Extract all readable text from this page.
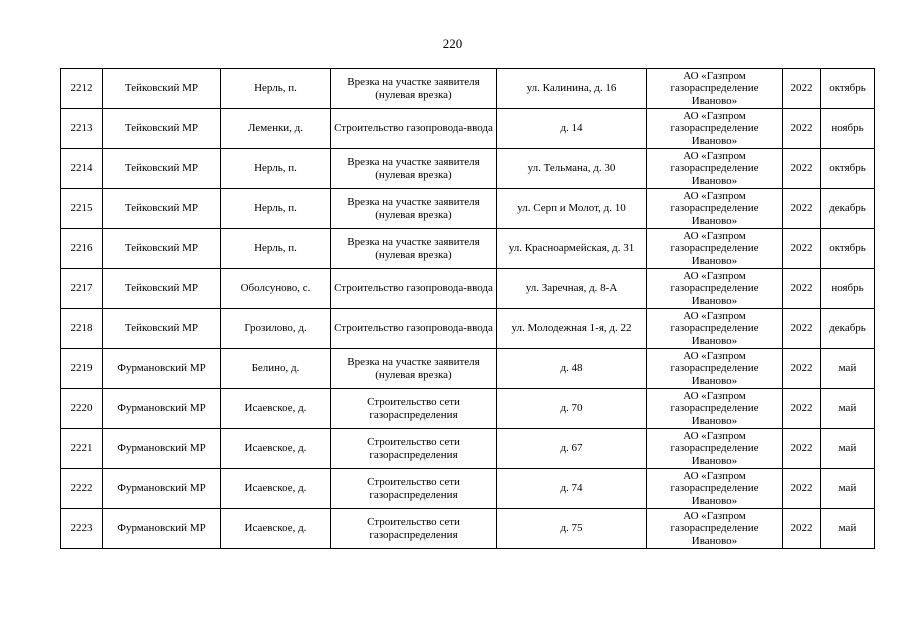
220
2212	Тейковский МР	Нерль, п.	Врезка на участке заявителя (нулевая врезка)	ул. Калинина, д. 16	АО «Газпром газораспределение Иваново»	2022	октябрь
2213	Тейковский МР	Леменки, д.	Строительство газопровода-ввода	д. 14	АО «Газпром газораспределение Иваново»	2022	ноябрь
2214	Тейковский МР	Нерль, п.	Врезка на участке заявителя (нулевая врезка)	ул. Тельмана, д. 30	АО «Газпром газораспределение Иваново»	2022	октябрь
2215	Тейковский МР	Нерль, п.	Врезка на участке заявителя (нулевая врезка)	ул. Серп и Молот, д. 10	АО «Газпром газораспределение Иваново»	2022	декабрь
2216	Тейковский МР	Нерль, п.	Врезка на участке заявителя (нулевая врезка)	ул. Красноармейская, д. 31	АО «Газпром газораспределение Иваново»	2022	октябрь
2217	Тейковский МР	Оболсуново, с.	Строительство газопровода-ввода	ул. Заречная, д. 8-А	АО «Газпром газораспределение Иваново»	2022	ноябрь
2218	Тейковский МР	Грозилово, д.	Строительство газопровода-ввода	ул. Молодежная 1-я, д. 22	АО «Газпром газораспределение Иваново»	2022	декабрь
2219	Фурмановский МР	Белино, д.	Врезка на участке заявителя (нулевая врезка)	д. 48	АО «Газпром газораспределение Иваново»	2022	май
2220	Фурмановский МР	Исаевское, д.	Строительство сети газораспределения	д. 70	АО «Газпром газораспределение Иваново»	2022	май
2221	Фурмановский МР	Исаевское, д.	Строительство сети газораспределения	д. 67	АО «Газпром газораспределение Иваново»	2022	май
2222	Фурмановский МР	Исаевское, д.	Строительство сети газораспределения	д. 74	АО «Газпром газораспределение Иваново»	2022	май
2223	Фурмановский МР	Исаевское, д.	Строительство сети газораспределения	д. 75	АО «Газпром газораспределение Иваново»	2022	май
